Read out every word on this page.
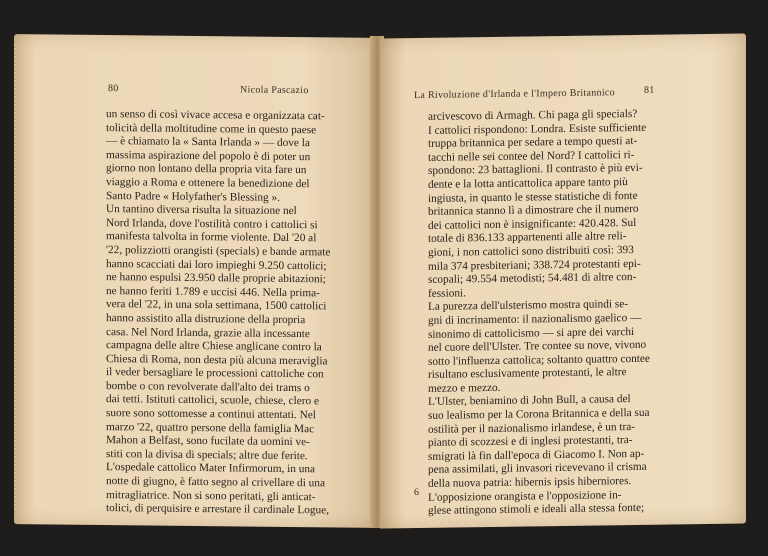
80	Nicola Pascazio
un senso di così vivace accesa e organizzata cat-
tolicità della moltitudine come in questo paese
— è chiamato la « Santa Irlanda » — dove la
massima aspirazione del popolo è di poter un
giorno non lontano della propria vita fare un
viaggio a Roma e ottenere la benedizione del
Santo Padre « Holyfather's Blessing ».
Un tantino diversa risulta la situazione nel
Nord Irlanda, dove l'ostilità contro i cattolici si
manifesta talvolta in forme violente. Dal '20 al
'22, polizziotti orangisti (specials) e bande armate
hanno scacciati dai loro impieghi 9.250 cattolici;
ne hanno espulsi 23.950 dalle proprie abitazioni;
ne hanno feriti 1.789 e uccisi 446. Nella prima-
vera del '22, in una sola settimana, 1500 cattolici
hanno assistito alla distruzione della propria
casa. Nel Nord Irlanda, grazie alla incessante
campagna delle altre Chiese anglicane contro la
Chiesa di Roma, non desta più alcuna meraviglia
il veder bersagliare le processioni cattoliche con
bombe o con revolverate dall'alto dei trams o
dai tetti. Istituti cattolici, scuole, chiese, clero e
suore sono sottomesse a continui attentati. Nel
marzo '22, quattro persone della famiglia Mac
Mahon a Belfast, sono fucilate da uomini ve-
stiti con la divisa di specials; altre due ferite.
L'ospedale cattolico Mater Infirmorum, in una
notte di giugno, è fatto segno al crivellare di una
mitragliatrice. Non si sono peritati, gli anticat-
tolici, di perquisire e arrestare il cardinale Logue,
La Rivoluzione d'Irlanda e l'Impero Britannico	81
arcivescovo di Armagh. Chi paga gli specials?
I cattolici rispondono: Londra. Esiste sufficiente
truppa britannica per sedare a tempo questi at-
tacchi nelle sei contee del Nord? I cattolici ri-
spondono: 23 battaglioni. Il contrasto è più evi-
dente e la lotta anticattolica appare tanto più
ingiusta, in quanto le stesse statistiche di fonte
britannica stanno lì a dimostrare che il numero
dei cattolici non è insignificante: 420.428. Sul
totale di 836.133 appartenenti alle altre reli-
gioni, i non cattolici sono distribuiti così: 393
mila 374 presbiteriani; 338.724 protestanti epi-
scopali; 49.554 metodisti; 54.481 di altre con-
fessioni.
La purezza dell'ulsterismo mostra quindi se-
gni di incrinamento: il nazionalismo gaelico —
sinonimo di cattolicismo — si apre dei varchi
nel cuore dell'Ulster. Tre contee su nove, vivono
sotto l'influenza cattolica; soltanto quattro contee
risultano esclusivamente protestanti, le altre
mezzo e mezzo.
L'Ulster, beniamino di John Bull, a causa del
suo lealismo per la Corona Britannica e della sua
ostilità per il nazionalismo irlandese, è un tra-
pianto di scozzesi e di inglesi protestanti, tra-
smigrati là fin dall'epoca di Giacomo I. Non ap-
pena assimilati, gli invasori ricevevano il crisma
della nuova patria: hibernis ipsis hiberniores.
L'opposizione orangista e l'opposizione in-
glese attingono stimoli e ideali alla stessa fonte;
6
